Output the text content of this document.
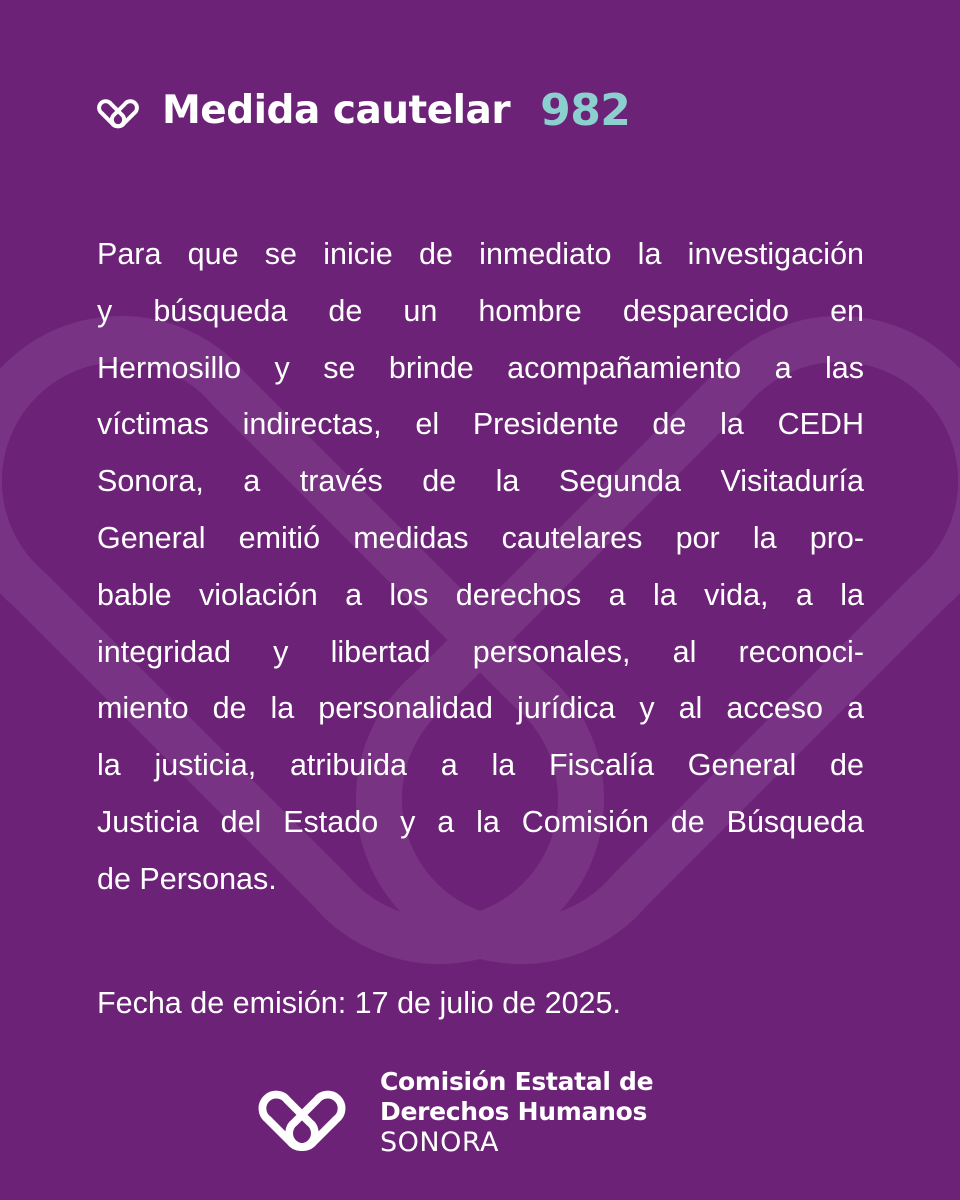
Medida cautelar 982
Para que se inicie de inmediato la investigación
y búsqueda de un hombre desparecido en
Hermosillo y se brinde acompañamiento a las
víctimas indirectas, el Presidente de la CEDH
Sonora, a través de la Segunda Visitaduría
General emitió medidas cautelares por la pro-
bable violación a los derechos a la vida, a la
integridad y libertad personales, al reconoci-
miento de la personalidad jurídica y al acceso a
la justicia, atribuida a la Fiscalía General de
Justicia del Estado y a la Comisión de Búsqueda
de Personas.

Fecha de emisión: 17 de julio de 2025.

Comisión Estatal de
Derechos Humanos
SONORA
